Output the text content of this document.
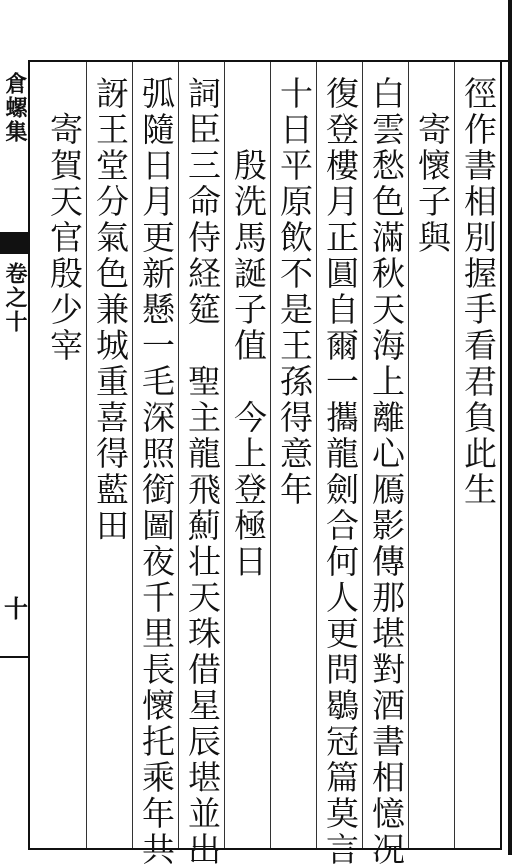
倉螺集
卷之十
十
徑作書相別握手看君負此生
　寄懷子與
白雲愁色滿秋天海上離心鴈影傳那堪對酒書相憶况
復登樓月正圓自爾一攜龍劍合何人更問鶡冠篇莫言
十日平原飲不是王孫得意年
　　殷洗馬誕子值　今上登極日
詞臣三命侍経筵　聖主龍飛薊壮天珠借星辰堪並出
弧隨日月更新懸一毛深照銜圖夜千里長懷托乘年共
訝王堂分氣色兼城重喜得藍田
　寄賀天官殷少宰
